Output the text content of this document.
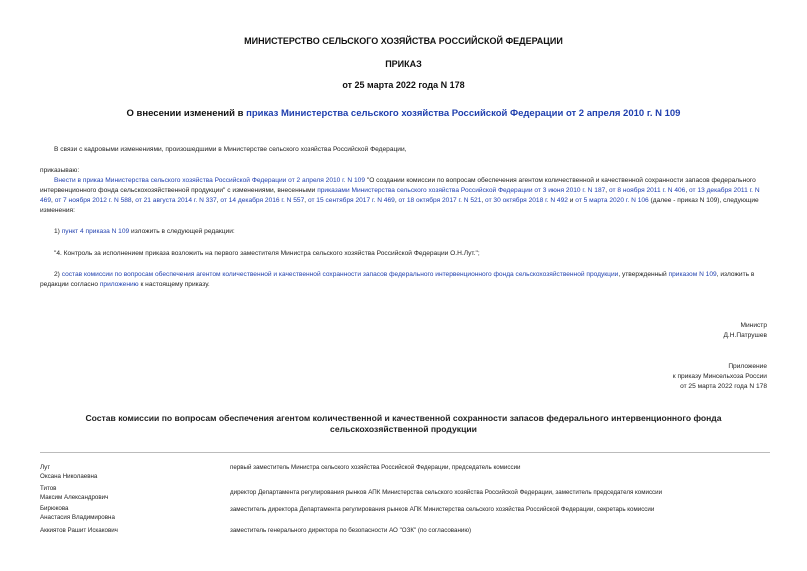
МИНИСТЕРСТВО СЕЛЬСКОГО ХОЗЯЙСТВА РОССИЙСКОЙ ФЕДЕРАЦИИ
ПРИКАЗ
от 25 марта 2022 года N 178
О внесении изменений в приказ Министерства сельского хозяйства Российской Федерации от 2 апреля 2010 г. N 109
В связи с кадровыми изменениями, произошедшими в Министерстве сельского хозяйства Российской Федерации,
приказываю:
Внести в приказ Министерства сельского хозяйства Российской Федерации от 2 апреля 2010 г. N 109 "О создании комиссии по вопросам обеспечения агентом количественной и качественной сохранности запасов федерального интервенционного фонда сельскохозяйственной продукции" с изменениями, внесенными приказами Министерства сельского хозяйства Российской Федерации от 3 июня 2010 г. N 187, от 8 ноября 2011 г. N 406, от 13 декабря 2011 г. N 469, от 7 ноября 2012 г. N 588, от 21 августа 2014 г. N 337, от 14 декабря 2016 г. N 557, от 15 сентября 2017 г. N 469, от 18 октября 2017 г. N 521, от 30 октября 2018 г. N 492 и от 5 марта 2020 г. N 106 (далее - приказ N 109), следующие изменения:
1) пункт 4 приказа N 109 изложить в следующей редакции:
"4. Контроль за исполнением приказа возложить на первого заместителя Министра сельского хозяйства Российской Федерации О.Н.Лут.";
2) состав комиссии по вопросам обеспечения агентом количественной и качественной сохранности запасов федерального интервенционного фонда сельскохозяйственной продукции, утвержденный приказом N 109, изложить в редакции согласно приложению к настоящему приказу.
Министр
Д.Н.Патрушев
Приложение
к приказу Минсельхоза России
от 25 марта 2022 года N 178
Состав комиссии по вопросам обеспечения агентом количественной и качественной сохранности запасов федерального интервенционного фонда сельскохозяйственной продукции
Лут
Оксана Николаевна
первый заместитель Министра сельского хозяйства Российской Федерации, председатель комиссии
Титов
Максим Александрович
директор Департамента регулирования рынков АПК Министерства сельского хозяйства Российской Федерации, заместитель председателя комиссии
Бирюкова
Анастасия Владимировна
заместитель директора Департамента регулирования рынков АПК Министерства сельского хозяйства Российской Федерации, секретарь комиссии
Аккиятов Рашит Искакович	заместитель генерального директора по безопасности АО "ОЗК" (по согласованию)
